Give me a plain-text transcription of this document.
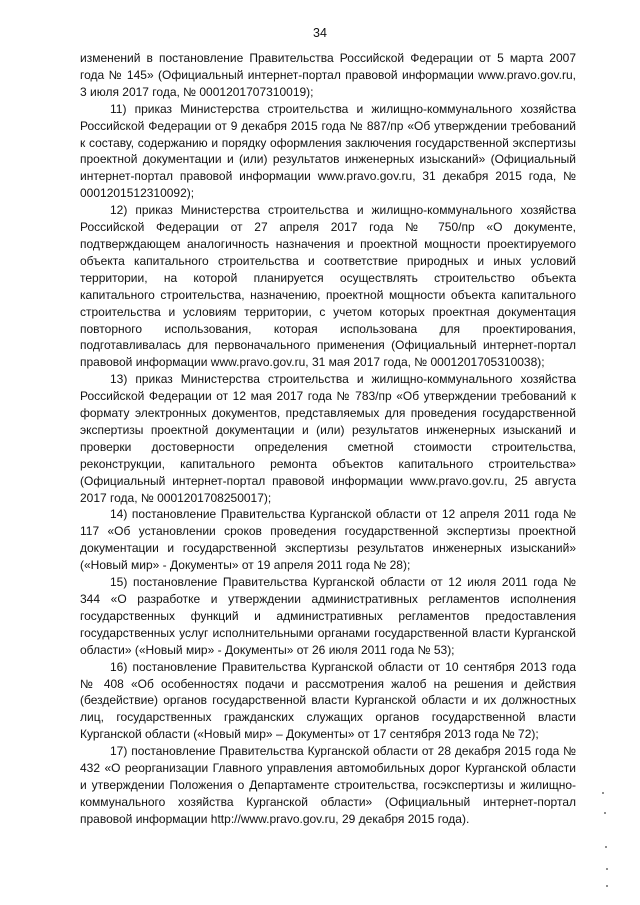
34

изменений в постановление Правительства Российской Федерации от 5 марта 2007 года № 145» (Официальный интернет-портал правовой информации www.pravo.gov.ru, 3 июля 2017 года, № 0001201707310019);

11) приказ Министерства строительства и жилищно-коммунального хозяйства Российской Федерации от 9 декабря 2015 года № 887/пр «Об утверждении требований к составу, содержанию и порядку оформления заключения государственной экспертизы проектной документации и (или) результатов инженерных изысканий» (Официальный интернет-портал правовой информации www.pravo.gov.ru, 31 декабря 2015 года, № 0001201512310092);

12) приказ Министерства строительства и жилищно-коммунального хозяйства Российской Федерации от 27 апреля 2017 года № 750/пр «О документе, подтверждающем аналогичность назначения и проектной мощности проектируемого объекта капитального строительства и соответствие природных и иных условий территории, на которой планируется осуществлять строительство объекта капитального строительства, назначению, проектной мощности объекта капитального строительства и условиям территории, с учетом которых проектная документация повторного использования, которая использована для проектирования, подготавливалась для первоначального применения (Официальный интернет-портал правовой информации www.pravo.gov.ru, 31 мая 2017 года, № 0001201705310038);

13) приказ Министерства строительства и жилищно-коммунального хозяйства Российской Федерации от 12 мая 2017 года № 783/пр «Об утверждении требований к формату электронных документов, представляемых для проведения государственной экспертизы проектной документации и (или) результатов инженерных изысканий и проверки достоверности определения сметной стоимости строительства, реконструкции, капитального ремонта объектов капитального строительства» (Официальный интернет-портал правовой информации www.pravo.gov.ru, 25 августа 2017 года, № 0001201708250017);

14) постановление Правительства Курганской области от 12 апреля 2011 года № 117 «Об установлении сроков проведения государственной экспертизы проектной документации и государственной экспертизы результатов инженерных изысканий» («Новый мир» - Документы» от 19 апреля 2011 года № 28);

15) постановление Правительства Курганской области от 12 июля 2011 года № 344 «О разработке и утверждении административных регламентов исполнения государственных функций и административных регламентов предоставления государственных услуг исполнительными органами государственной власти Курганской области» («Новый мир» - Документы» от 26 июля 2011 года № 53);

16) постановление Правительства Курганской области от 10 сентября 2013 года № 408 «Об особенностях подачи и рассмотрения жалоб на решения и действия (бездействие) органов государственной власти Курганской области и их должностных лиц, государственных гражданских служащих органов государственной власти Курганской области («Новый мир» – Документы» от 17 сентября 2013 года № 72);

17) постановление Правительства Курганской области от 28 декабря 2015 года № 432 «О реорганизации Главного управления автомобильных дорог Курганской области и утверждении Положения о Департаменте строительства, госэкспертизы и жилищно-коммунального хозяйства Курганской области» (Официальный интернет-портал правовой информации http://www.pravo.gov.ru, 29 декабря 2015 года).
